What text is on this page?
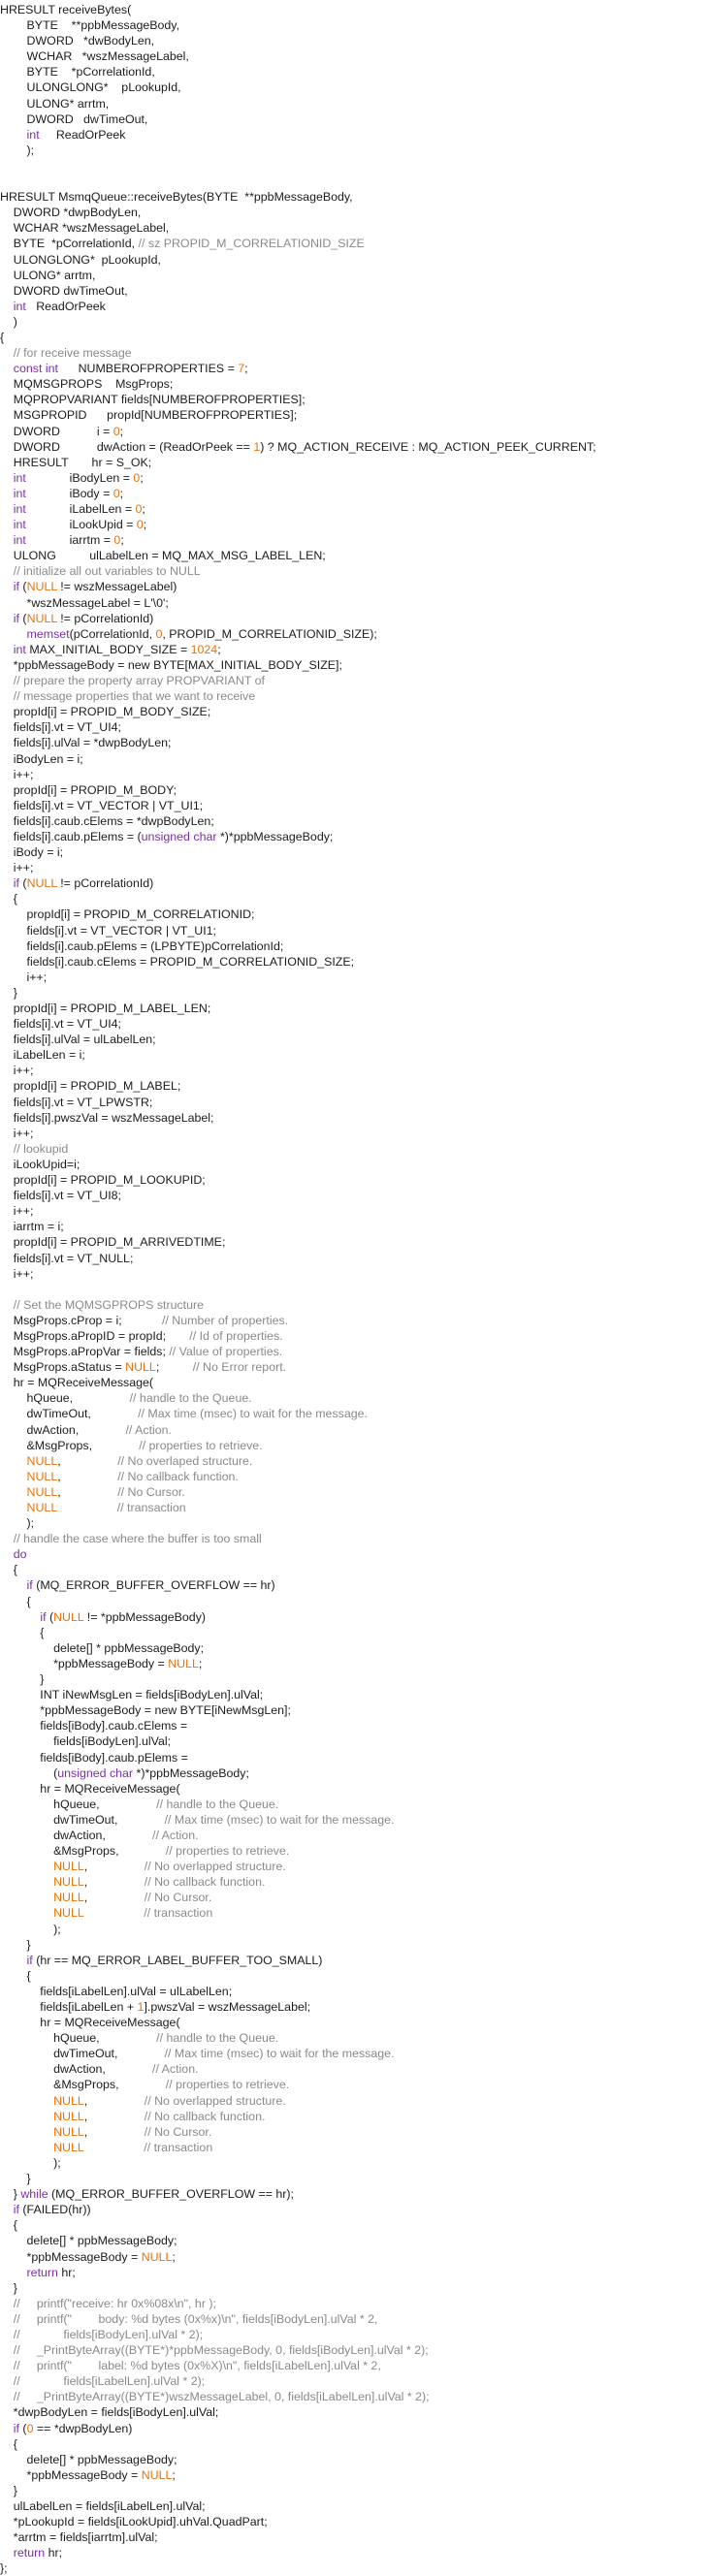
HRESULT receiveBytes(
BYTE    **ppbMessageBody,
DWORD   *dwBodyLen,
WCHAR   *wszMessageLabel,
BYTE    *pCorrelationId,
ULONGLONG*    pLookupId,
ULONG* arrtm,
DWORD   dwTimeOut,
int     ReadOrPeek
);
HRESULT MsmqQueue::receiveBytes(BYTE  **ppbMessageBody,
DWORD *dwpBodyLen,
WCHAR *wszMessageLabel,
BYTE  *pCorrelationId, // sz PROPID_M_CORRELATIONID_SIZE
ULONGLONG*  pLookupId,
ULONG* arrtm,
DWORD dwTimeOut,
int   ReadOrPeek
)
{
// for receive message
const int      NUMBEROFPROPERTIES = 7;
MQMSGPROPS    MsgProps;
MQPROPVARIANT fields[NUMBEROFPROPERTIES];
MSGPROPID      propId[NUMBEROFPROPERTIES];
DWORD           i = 0;
DWORD           dwAction = (ReadOrPeek == 1) ? MQ_ACTION_RECEIVE : MQ_ACTION_PEEK_CURRENT;
HRESULT       hr = S_OK;
int             iBodyLen = 0;
int             iBody = 0;
int             iLabelLen = 0;
int             iLookUpid = 0;
int             iarrtm = 0;
ULONG          ulLabelLen = MQ_MAX_MSG_LABEL_LEN;
// initialize all out variables to NULL
if (NULL != wszMessageLabel)
*wszMessageLabel = L'\0';
if (NULL != pCorrelationId)
memset(pCorrelationId, 0, PROPID_M_CORRELATIONID_SIZE);
int MAX_INITIAL_BODY_SIZE = 1024;
*ppbMessageBody = new BYTE[MAX_INITIAL_BODY_SIZE];
// prepare the property array PROPVARIANT of
// message properties that we want to receive
propId[i] = PROPID_M_BODY_SIZE;
fields[i].vt = VT_UI4;
fields[i].ulVal = *dwpBodyLen;
iBodyLen = i;
i++;
propId[i] = PROPID_M_BODY;
fields[i].vt = VT_VECTOR | VT_UI1;
fields[i].caub.cElems = *dwpBodyLen;
fields[i].caub.pElems = (unsigned char *)*ppbMessageBody;
iBody = i;
i++;
if (NULL != pCorrelationId)
{
propId[i] = PROPID_M_CORRELATIONID;
fields[i].vt = VT_VECTOR | VT_UI1;
fields[i].caub.pElems = (LPBYTE)pCorrelationId;
fields[i].caub.cElems = PROPID_M_CORRELATIONID_SIZE;
i++;
}
propId[i] = PROPID_M_LABEL_LEN;
fields[i].vt = VT_UI4;
fields[i].ulVal = ulLabelLen;
iLabelLen = i;
i++;
propId[i] = PROPID_M_LABEL;
fields[i].vt = VT_LPWSTR;
fields[i].pwszVal = wszMessageLabel;
i++;
// lookupid
iLookUpid=i;
propId[i] = PROPID_M_LOOKUPID;
fields[i].vt = VT_UI8;
i++;
iarrtm = i;
propId[i] = PROPID_M_ARRIVEDTIME;
fields[i].vt = VT_NULL;
i++;
// Set the MQMSGPROPS structure
MsgProps.cProp = i;            // Number of properties.
MsgProps.aPropID = propId;       // Id of properties.
MsgProps.aPropVar = fields; // Value of properties.
MsgProps.aStatus = NULL;          // No Error report.
hr = MQReceiveMessage(
hQueue,                 // handle to the Queue.
dwTimeOut,              // Max time (msec) to wait for the message.
dwAction,              // Action.
&MsgProps,              // properties to retrieve.
NULL,                 // No overlaped structure.
NULL,                 // No callback function.
NULL,                 // No Cursor.
NULL	// transaction
);
// handle the case where the buffer is too small
do
{
if (MQ_ERROR_BUFFER_OVERFLOW == hr)
{
if (NULL != *ppbMessageBody)
{
delete[] * ppbMessageBody;
*ppbMessageBody = NULL;
}
INT iNewMsgLen = fields[iBodyLen].ulVal;
*ppbMessageBody = new BYTE[iNewMsgLen];
fields[iBody].caub.cElems =
fields[iBodyLen].ulVal;
fields[iBody].caub.pElems =
(unsigned char *)*ppbMessageBody;
hr = MQReceiveMessage(
hQueue,                 // handle to the Queue.
dwTimeOut,              // Max time (msec) to wait for the message.
dwAction,              // Action.
&MsgProps,              // properties to retrieve.
NULL,                 // No overlapped structure.
NULL,                 // No callback function.
NULL,                 // No Cursor.
NULL	// transaction
);
}
if (hr == MQ_ERROR_LABEL_BUFFER_TOO_SMALL)
{
fields[iLabelLen].ulVal = ulLabelLen;
fields[iLabelLen + 1].pwszVal = wszMessageLabel;
hr = MQReceiveMessage(
hQueue,                 // handle to the Queue.
dwTimeOut,              // Max time (msec) to wait for the message.
dwAction,              // Action.
&MsgProps,              // properties to retrieve.
NULL,                 // No overlapped structure.
NULL,                 // No callback function.
NULL,                 // No Cursor.
NULL	// transaction
);
}
} while (MQ_ERROR_BUFFER_OVERFLOW == hr);
if (FAILED(hr))
{
delete[] * ppbMessageBody;
*ppbMessageBody = NULL;
return hr;
}
//     printf("receive: hr 0x%08x\n", hr );
//     printf("        body: %d bytes (0x%x)\n", fields[iBodyLen].ulVal * 2,
//             fields[iBodyLen].ulVal * 2);
//     _PrintByteArray((BYTE*)*ppbMessageBody, 0, fields[iBodyLen].ulVal * 2);
//     printf("        label: %d bytes (0x%X)\n", fields[iLabelLen].ulVal * 2,
//             fields[iLabelLen].ulVal * 2);
//     _PrintByteArray((BYTE*)wszMessageLabel, 0, fields[iLabelLen].ulVal * 2);
*dwpBodyLen = fields[iBodyLen].ulVal;
if (0 == *dwpBodyLen)
{
delete[] * ppbMessageBody;
*ppbMessageBody = NULL;
}
ulLabelLen = fields[iLabelLen].ulVal;
*pLookupId = fields[iLookUpid].uhVal.QuadPart;
*arrtm = fields[iarrtm].ulVal;
return hr;
};
